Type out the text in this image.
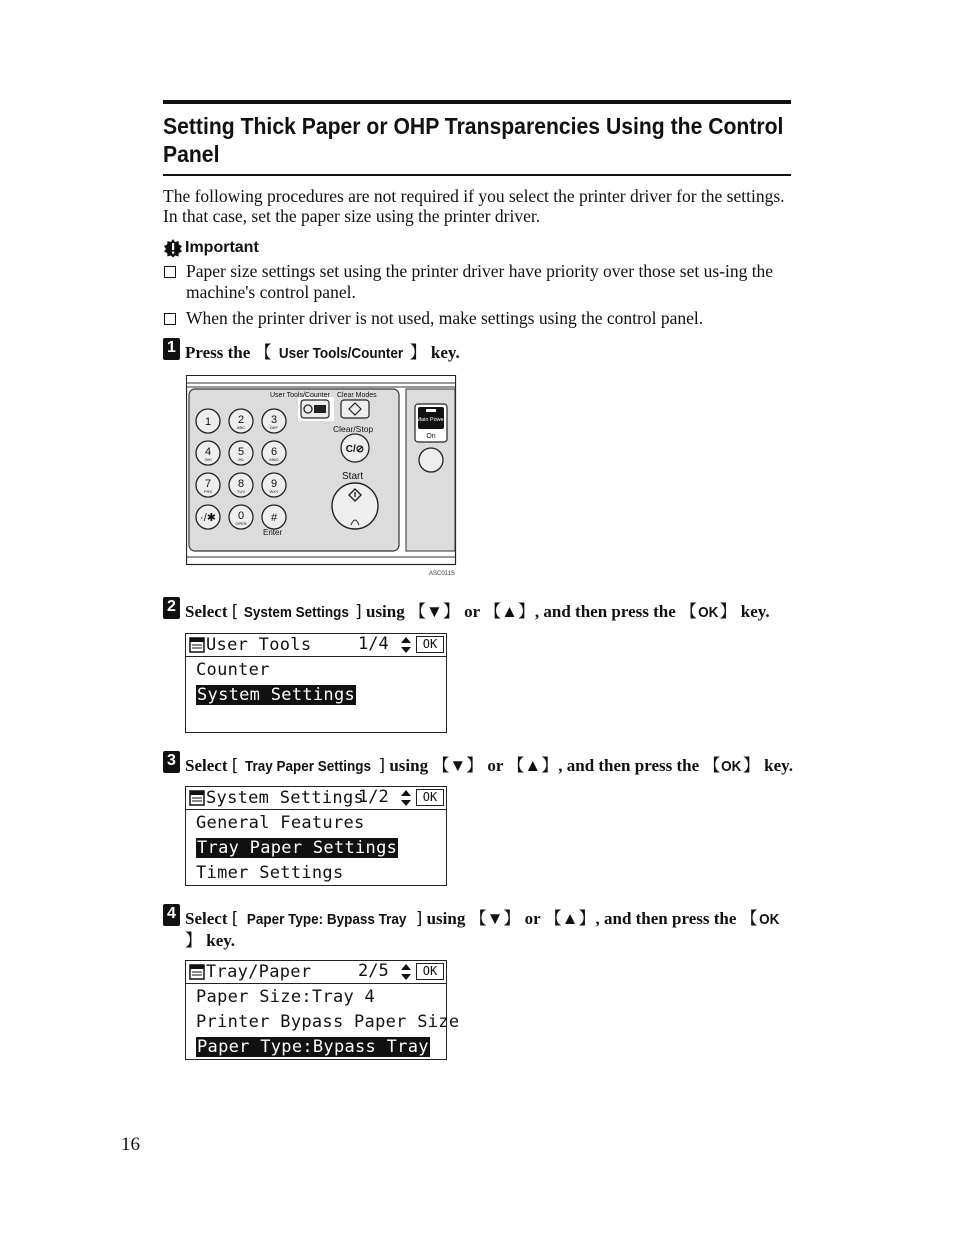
Setting Thick Paper or OHP Transparencies Using the Control Panel
The following procedures are not required if you select the printer driver for the settings. In that case, set the paper size using the printer driver.
Important
Paper size settings set using the printer driver have priority over those set us-ing the machine's control panel.
When the printer driver is not used, make settings using the control panel.
1 Press the 【 User Tools/Counter 】 key.
1 2
ABC
3
DEF
4
GHI
5
JKL
6
MNO
7
PRS
8
TUV
9
WXY
·/✱ 0
OPER #
User Tools/Counter Clear Modes
Clear/Stop
C/⊘
Start
Main Power
On
Enter
ASC011S
2 Select [ System Settings ] using 【▼】 or 【▲】, and then press the 【OK】 key.
User Tools	1/4	OK
Counter
System Settings
3 Select [ Tray Paper Settings ] using 【▼】 or 【▲】, and then press the 【OK】 key.
System Settings
1/2	OK
General Features
Tray Paper Settings
Timer Settings
4 Select [ Paper Type: Bypass Tray ] using 【▼】 or 【▲】, and then press the 【OK】 key.
Tray/Paper	2/5	OK
Paper Size:Tray 4
Printer Bypass Paper Size
Paper Type:Bypass Tray
16
